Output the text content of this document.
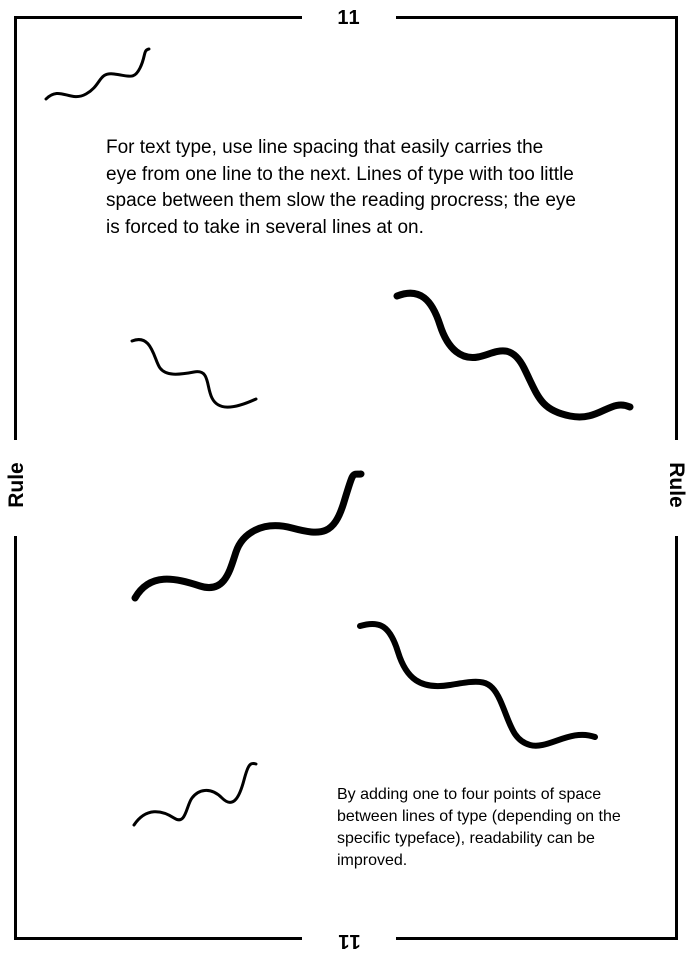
11
11
Rule	Rule

For text type, use line spacing that easily carries the eye from one line to the next. Lines of type with too little space between them slow the reading procress; the eye is forced to take in several lines at on.

By adding one to four points of space between lines of type (depending on the specific typeface), readability can be improved.
